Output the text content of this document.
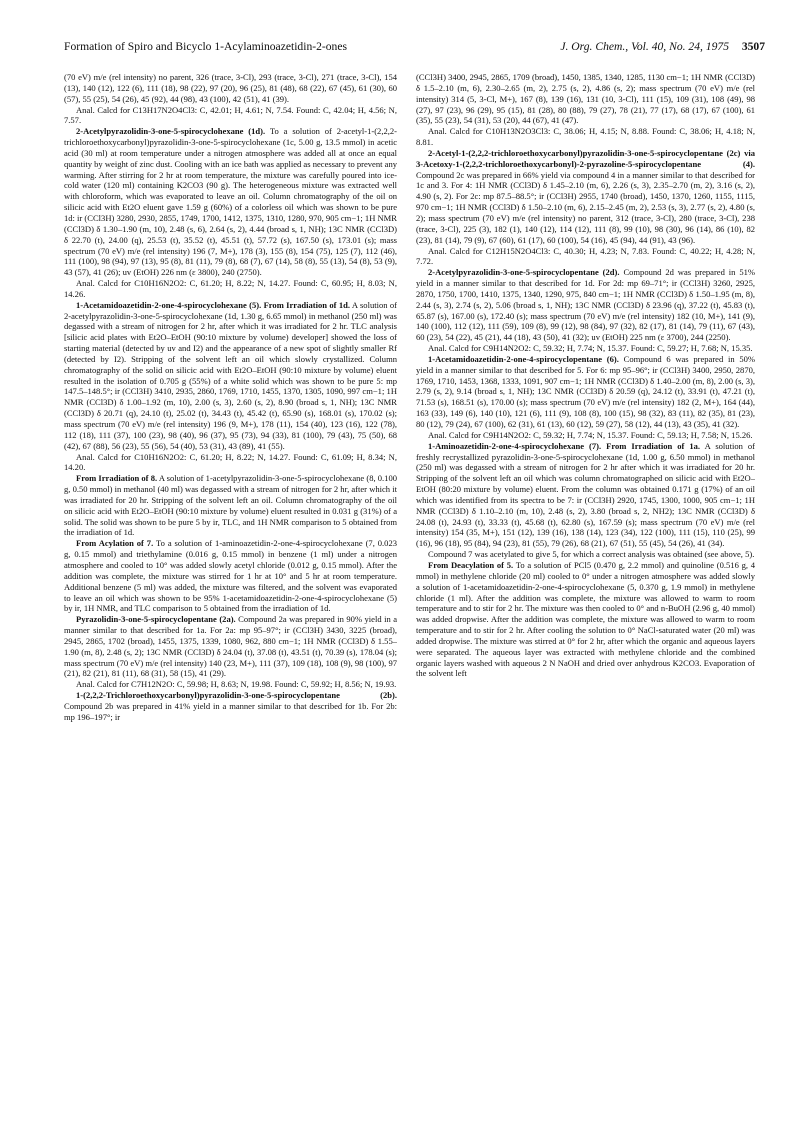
Formation of Spiro and Bicyclo 1-Acylaminoazetidin-2-ones	J. Org. Chem., Vol. 40, No. 24, 1975 3507

(70 eV) m/e (rel intensity) no parent, 326 (trace, 3-Cl), 293 (trace, 3-Cl), 271 (trace, 3-Cl), 154 (13), 140 (12), 122 (6), 111 (18), 98 (22), 97 (20), 96 (25), 81 (48), 68 (22), 67 (45), 61 (30), 60 (57), 55 (25), 54 (26), 45 (92), 44 (98), 43 (100), 42 (51), 41 (39).

Anal. Calcd for C13H17N2O4Cl3: C, 42.01; H, 4.61; N, 7.54. Found: C, 42.04; H, 4.56; N, 7.57.

2-Acetylpyrazolidin-3-one-5-spirocyclohexane (1d). To a solution of 2-acetyl-1-(2,2,2-trichloroethoxycarbonyl)pyrazolidin-3-one-5-spirocyclohexane (1c, 5.00 g, 13.5 mmol) in acetic acid (30 ml) at room temperature under a nitrogen atmosphere was added all at once an equal quantity by weight of zinc dust. Cooling with an ice bath was applied as necessary to prevent any warming. After stirring for 2 hr at room temperature, the mixture was carefully poured into ice-cold water (120 ml) containing K2CO3 (90 g). The heterogeneous mixture was extracted well with chloroform, which was evaporated to leave an oil. Column chromatography of the oil on silicic acid with Et2O eluent gave 1.59 g (60%) of a colorless oil which was shown to be pure 1d: ir (CCl3H) 3280, 2930, 2855, 1749, 1700, 1412, 1375, 1310, 1280, 970, 905 cm−1; 1H NMR (CCl3D) δ 1.30–1.90 (m, 10), 2.48 (s, 6), 2.64 (s, 2), 4.44 (broad s, 1, NH); 13C NMR (CCl3D) δ 22.70 (t), 24.00 (q), 25.53 (t), 35.52 (t), 45.51 (t), 57.72 (s), 167.50 (s), 173.01 (s); mass spectrum (70 eV) m/e (rel intensity) 196 (7, M+), 178 (3), 155 (8), 154 (75), 125 (7), 112 (46), 111 (100), 98 (94), 97 (13), 95 (8), 81 (11), 79 (8), 68 (7), 67 (14), 58 (8), 55 (13), 54 (8), 53 (9), 43 (57), 41 (26); uv (EtOH) 226 nm (ε 3800), 240 (2750).

Anal. Calcd for C10H16N2O2: C, 61.20; H, 8.22; N, 14.27. Found: C, 60.95; H, 8.03; N, 14.26.

1-Acetamidoazetidin-2-one-4-spirocyclohexane (5). From Irradiation of 1d. A solution of 2-acetylpyrazolidin-3-one-5-spirocyclohexane (1d, 1.30 g, 6.65 mmol) in methanol (250 ml) was degassed with a stream of nitrogen for 2 hr, after which it was irradiated for 2 hr. TLC analysis [silicic acid plates with Et2O–EtOH (90:10 mixture by volume) developer] showed the loss of starting material (detected by uv and I2) and the appearance of a new spot of slightly smaller Rf (detected by I2). Stripping of the solvent left an oil which slowly crystallized. Column chromatography of the solid on silicic acid with Et2O–EtOH (90:10 mixture by volume) eluent resulted in the isolation of 0.705 g (55%) of a white solid which was shown to be pure 5: mp 147.5–148.5°; ir (CCl3H) 3410, 2935, 2860, 1769, 1710, 1455, 1370, 1305, 1090, 997 cm−1; 1H NMR (CCl3D) δ 1.00–1.92 (m, 10), 2.00 (s, 3), 2.60 (s, 2), 8.90 (broad s, 1, NH); 13C NMR (CCl3D) δ 20.71 (q), 24.10 (t), 25.02 (t), 34.43 (t), 45.42 (t), 65.90 (s), 168.01 (s), 170.02 (s); mass spectrum (70 eV) m/e (rel intensity) 196 (9, M+), 178 (11), 154 (40), 123 (16), 122 (78), 112 (18), 111 (37), 100 (23), 98 (40), 96 (37), 95 (73), 94 (33), 81 (100), 79 (43), 75 (50), 68 (42), 67 (88), 56 (23), 55 (56), 54 (40), 53 (31), 43 (89), 41 (55).

Anal. Calcd for C10H16N2O2: C, 61.20; H, 8.22; N, 14.27. Found: C, 61.09; H, 8.34; N, 14.20.

From Irradiation of 8. A solution of 1-acetylpyrazolidin-3-one-5-spirocyclohexane (8, 0.100 g, 0.50 mmol) in methanol (40 ml) was degassed with a stream of nitrogen for 2 hr, after which it was irradiated for 20 hr. Stripping of the solvent left an oil. Column chromatography of the oil on silicic acid with Et2O–EtOH (90:10 mixture by volume) eluent resulted in 0.031 g (31%) of a solid. The solid was shown to be pure 5 by ir, TLC, and 1H NMR comparison to 5 obtained from the irradiation of 1d.

From Acylation of 7. To a solution of 1-aminoazetidin-2-one-4-spirocyclohexane (7, 0.023 g, 0.15 mmol) and triethylamine (0.016 g, 0.15 mmol) in benzene (1 ml) under a nitrogen atmosphere and cooled to 10° was added slowly acetyl chloride (0.012 g, 0.15 mmol). After the addition was complete, the mixture was stirred for 1 hr at 10° and 5 hr at room temperature. Additional benzene (5 ml) was added, the mixture was filtered, and the solvent was evaporated to leave an oil which was shown to be 95% 1-acetamidoazetidin-2-one-4-spirocyclohexane (5) by ir, 1H NMR, and TLC comparison to 5 obtained from the irradiation of 1d.

Pyrazolidin-3-one-5-spirocyclopentane (2a). Compound 2a was prepared in 90% yield in a manner similar to that described for 1a. For 2a: mp 95–97°; ir (CCl3H) 3430, 3225 (broad), 2945, 2865, 1702 (broad), 1455, 1375, 1339, 1080, 962, 880 cm−1; 1H NMR (CCl3D) δ 1.55–1.90 (m, 8), 2.48 (s, 2); 13C NMR (CCl3D) δ 24.04 (t), 37.08 (t), 43.51 (t), 70.39 (s), 178.04 (s); mass spectrum (70 eV) m/e (rel intensity) 140 (23, M+), 111 (37), 109 (18), 108 (9), 98 (100), 97 (21), 82 (21), 81 (11), 68 (31), 58 (15), 41 (29).

Anal. Calcd for C7H12N2O: C, 59.98; H, 8.63; N, 19.98. Found: C, 59.92; H, 8.56; N, 19.93.

1-(2,2,2-Trichloroethoxycarbonyl)pyrazolidin-3-one-5-spirocyclopentane (2b). Compound 2b was prepared in 41% yield in a manner similar to that described for 1b. For 2b: mp 196–197°; ir

(CCl3H) 3400, 2945, 2865, 1709 (broad), 1450, 1385, 1340, 1285, 1130 cm−1; 1H NMR (CCl3D) δ 1.5–2.10 (m, 6), 2.30–2.65 (m, 2), 2.75 (s, 2), 4.86 (s, 2); mass spectrum (70 eV) m/e (rel intensity) 314 (5, 3-Cl, M+), 167 (8), 139 (16), 131 (10, 3-Cl), 111 (15), 109 (31), 108 (49), 98 (27), 97 (23), 96 (29), 95 (15), 81 (28), 80 (88), 79 (27), 78 (21), 77 (17), 68 (17), 67 (100), 61 (35), 55 (23), 54 (31), 53 (20), 44 (67), 41 (47).

Anal. Calcd for C10H13N2O3Cl3: C, 38.06; H, 4.15; N, 8.88. Found: C, 38.06; H, 4.18; N, 8.81.

2-Acetyl-1-(2,2,2-trichloroethoxycarbonyl)pyrazolidin-3-one-5-spirocyclopentane (2c) via 3-Acetoxy-1-(2,2,2-trichloroethoxycarbonyl)-2-pyrazoline-5-spirocyclopentane (4). Compound 2c was prepared in 66% yield via compound 4 in a manner similar to that described for 1c and 3. For 4: 1H NMR (CCl3D) δ 1.45–2.10 (m, 6), 2.26 (s, 3), 2.35–2.70 (m, 2), 3.16 (s, 2), 4.90 (s, 2). For 2c: mp 87.5–88.5°; ir (CCl3H) 2955, 1740 (broad), 1450, 1370, 1260, 1155, 1115, 970 cm−1; 1H NMR (CCl3D) δ 1.50–2.10 (m, 6), 2.15–2.45 (m, 2), 2.53 (s, 3), 2.77 (s, 2), 4.80 (s, 2); mass spectrum (70 eV) m/e (rel intensity) no parent, 312 (trace, 3-Cl), 280 (trace, 3-Cl), 238 (trace, 3-Cl), 225 (3), 182 (1), 140 (12), 114 (12), 111 (8), 99 (10), 98 (30), 96 (14), 86 (10), 82 (23), 81 (14), 79 (9), 67 (60), 61 (17), 60 (100), 54 (16), 45 (94), 44 (91), 43 (96).

Anal. Calcd for C12H15N2O4Cl3: C, 40.30; H, 4.23; N, 7.83. Found: C, 40.22; H, 4.28; N, 7.72.

2-Acetylpyrazolidin-3-one-5-spirocyclopentane (2d). Compound 2d was prepared in 51% yield in a manner similar to that described for 1d. For 2d: mp 69–71°; ir (CCl3H) 3260, 2925, 2870, 1750, 1700, 1410, 1375, 1340, 1290, 975, 840 cm−1; 1H NMR (CCl3D) δ 1.50–1.95 (m, 8), 2.44 (s, 3), 2.74 (s, 2), 5.06 (broad s, 1, NH); 13C NMR (CCl3D) δ 23.96 (q), 37.22 (t), 45.83 (t), 65.87 (s), 167.00 (s), 172.40 (s); mass spectrum (70 eV) m/e (rel intensity) 182 (10, M+), 141 (9), 140 (100), 112 (12), 111 (59), 109 (8), 99 (12), 98 (84), 97 (32), 82 (17), 81 (14), 79 (11), 67 (43), 60 (23), 54 (22), 45 (21), 44 (18), 43 (50), 41 (32); uv (EtOH) 225 nm (ε 3700), 244 (2250).

Anal. Calcd for C9H14N2O2: C, 59.32; H, 7.74; N, 15.37. Found: C, 59.27; H, 7.68; N, 15.35.

1-Acetamidoazetidin-2-one-4-spirocyclopentane (6). Compound 6 was prepared in 50% yield in a manner similar to that described for 5. For 6: mp 95–96°; ir (CCl3H) 3400, 2950, 2870, 1769, 1710, 1453, 1368, 1333, 1091, 907 cm−1; 1H NMR (CCl3D) δ 1.40–2.00 (m, 8), 2.00 (s, 3), 2.79 (s, 2), 9.14 (broad s, 1, NH); 13C NMR (CCl3D) δ 20.59 (q), 24.12 (t), 33.91 (t), 47.21 (t), 71.53 (s), 168.51 (s), 170.00 (s); mass spectrum (70 eV) m/e (rel intensity) 182 (2, M+), 164 (44), 163 (33), 149 (6), 140 (10), 121 (6), 111 (9), 108 (8), 100 (15), 98 (32), 83 (11), 82 (35), 81 (23), 80 (12), 79 (24), 67 (100), 62 (31), 61 (13), 60 (12), 59 (27), 58 (12), 44 (13), 43 (35), 41 (32).

Anal. Calcd for C9H14N2O2: C, 59.32; H, 7.74; N, 15.37. Found: C, 59.13; H, 7.58; N, 15.26.

1-Aminoazetidin-2-one-4-spirocyclohexane (7). From Irradiation of 1a. A solution of freshly recrystallized pyrazolidin-3-one-5-spirocyclohexane (1d, 1.00 g, 6.50 mmol) in methanol (250 ml) was degassed with a stream of nitrogen for 2 hr after which it was irradiated for 20 hr. Stripping of the solvent left an oil which was column chromatographed on silicic acid with Et2O–EtOH (80:20 mixture by volume) eluent. From the column was obtained 0.171 g (17%) of an oil which was identified from its spectra to be 7: ir (CCl3H) 2920, 1745, 1300, 1000, 905 cm−1; 1H NMR (CCl3D) δ 1.10–2.10 (m, 10), 2.48 (s, 2), 3.80 (broad s, 2, NH2); 13C NMR (CCl3D) δ 24.08 (t), 24.93 (t), 33.33 (t), 45.68 (t), 62.80 (s), 167.59 (s); mass spectrum (70 eV) m/e (rel intensity) 154 (35, M+), 151 (12), 139 (16), 138 (14), 123 (34), 122 (100), 111 (15), 110 (25), 99 (16), 96 (18), 95 (84), 94 (23), 81 (55), 79 (26), 68 (21), 67 (51), 55 (45), 54 (26), 41 (34).

Compound 7 was acetylated to give 5, for which a correct analysis was obtained (see above, 5).

From Deacylation of 5. To a solution of PCl5 (0.470 g, 2.2 mmol) and quinoline (0.516 g, 4 mmol) in methylene chloride (20 ml) cooled to 0° under a nitrogen atmosphere was added slowly a solution of 1-acetamidoazetidin-2-one-4-spirocyclohexane (5, 0.370 g, 1.9 mmol) in methylene chloride (1 ml). After the addition was complete, the mixture was allowed to warm to room temperature and to stir for 2 hr. The mixture was then cooled to 0° and n-BuOH (2.96 g, 40 mmol) was added dropwise. After the addition was complete, the mixture was allowed to warm to room temperature and to stir for 2 hr. After cooling the solution to 0° NaCl-saturated water (20 ml) was added dropwise. The mixture was stirred at 0° for 2 hr, after which the organic and aqueous layers were separated. The aqueous layer was extracted with methylene chloride and the combined organic layers washed with aqueous 2 N NaOH and dried over anhydrous K2CO3. Evaporation of the solvent left
